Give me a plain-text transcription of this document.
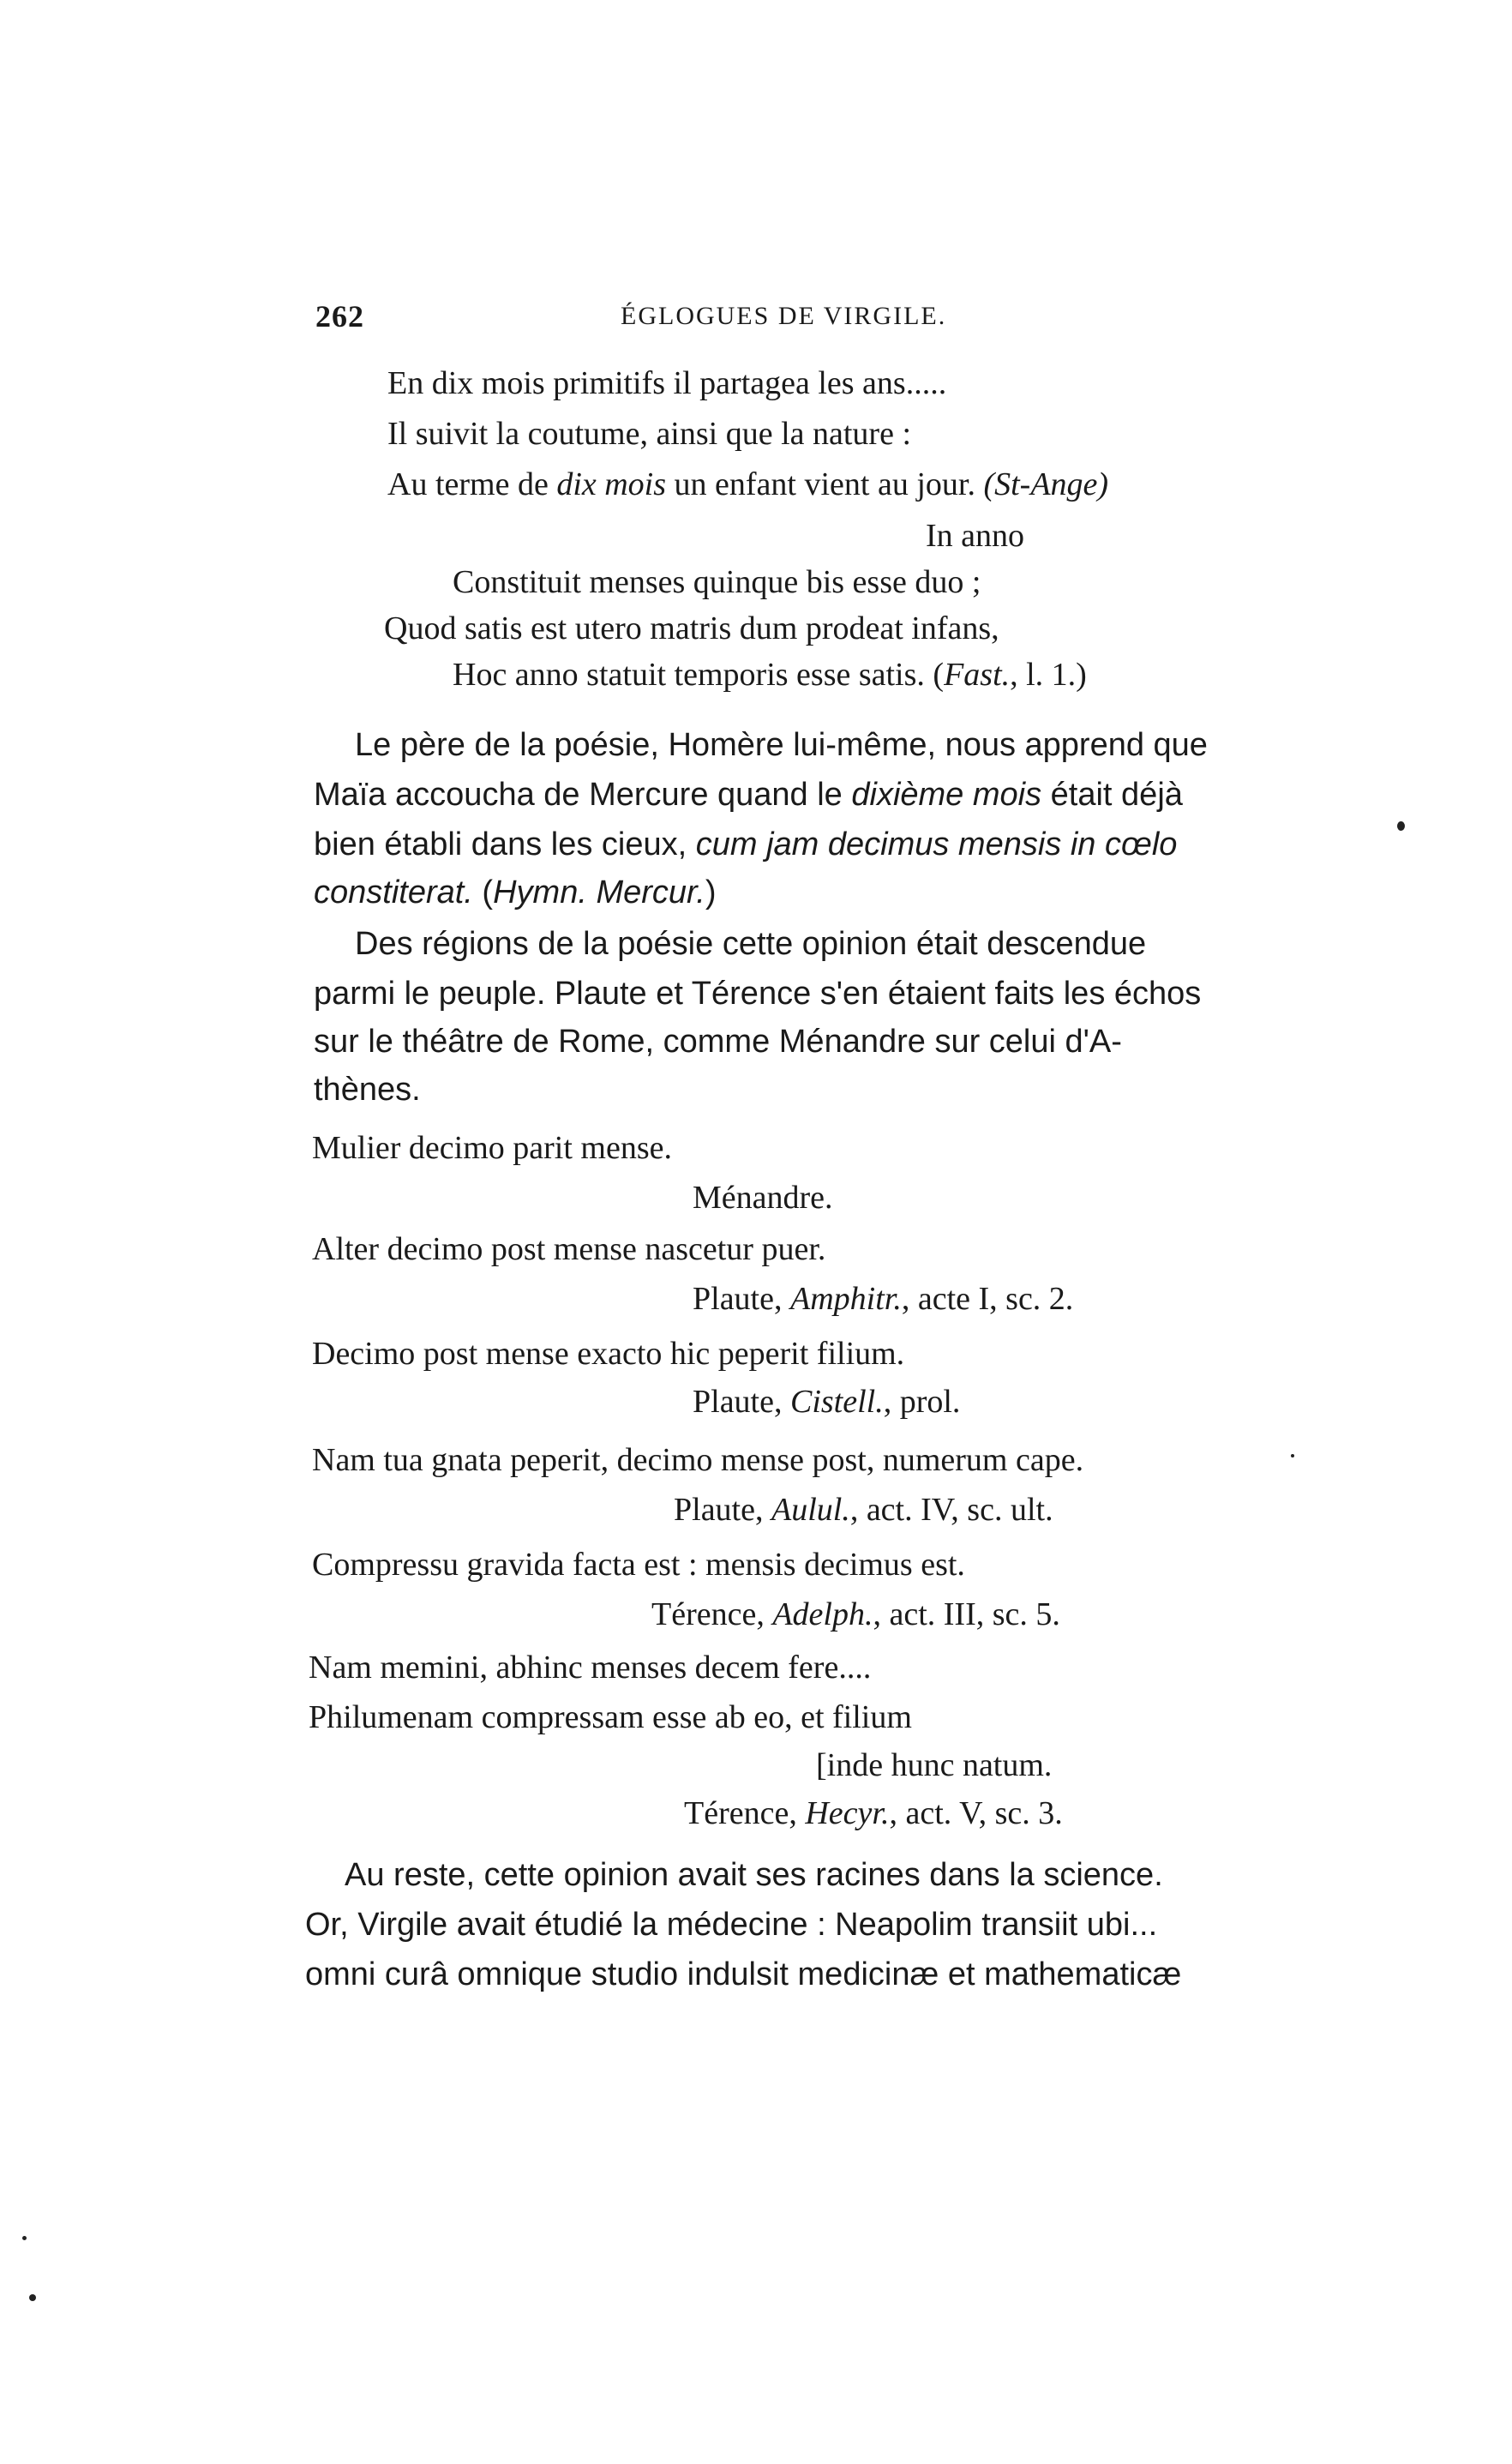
262	ÉGLOGUES DE VIRGILE.
En dix mois primitifs il partagea les ans.....
Il suivit la coutume, ainsi que la nature :
Au terme de dix mois un enfant vient au jour. (St-Ange)
In anno
Constituit menses quinque bis esse duo ;
Quod satis est utero matris dum prodeat infans,
Hoc anno statuit temporis esse satis. (Fast., l. 1.)
Le père de la poésie, Homère lui-même, nous apprend que
Maïa accoucha de Mercure quand le dixième mois était déjà
bien établi dans les cieux, cum jam decimus mensis in cœlo
constiterat. (Hymn. Mercur.)
Des régions de la poésie cette opinion était descendue
parmi le peuple. Plaute et Térence s'en étaient faits les échos
sur le théâtre de Rome, comme Ménandre sur celui d'A-
thènes.
Mulier decimo parit mense.
Ménandre.
Alter decimo post mense nascetur puer.
Plaute, Amphitr., acte I, sc. 2.
Decimo post mense exacto hic peperit filium.
Plaute, Cistell., prol.
Nam tua gnata peperit, decimo mense post, numerum cape.
Plaute, Aulul., act. IV, sc. ult.
Compressu gravida facta est : mensis decimus est.
Térence, Adelph., act. III, sc. 5.
Nam memini, abhinc menses decem fere....
Philumenam compressam esse ab eo, et filium
[inde hunc natum.
Térence, Hecyr., act. V, sc. 3.
Au reste, cette opinion avait ses racines dans la science.
Or, Virgile avait étudié la médecine : Neapolim transiit ubi...
omni curâ omnique studio indulsit medicinæ et mathematicæ
